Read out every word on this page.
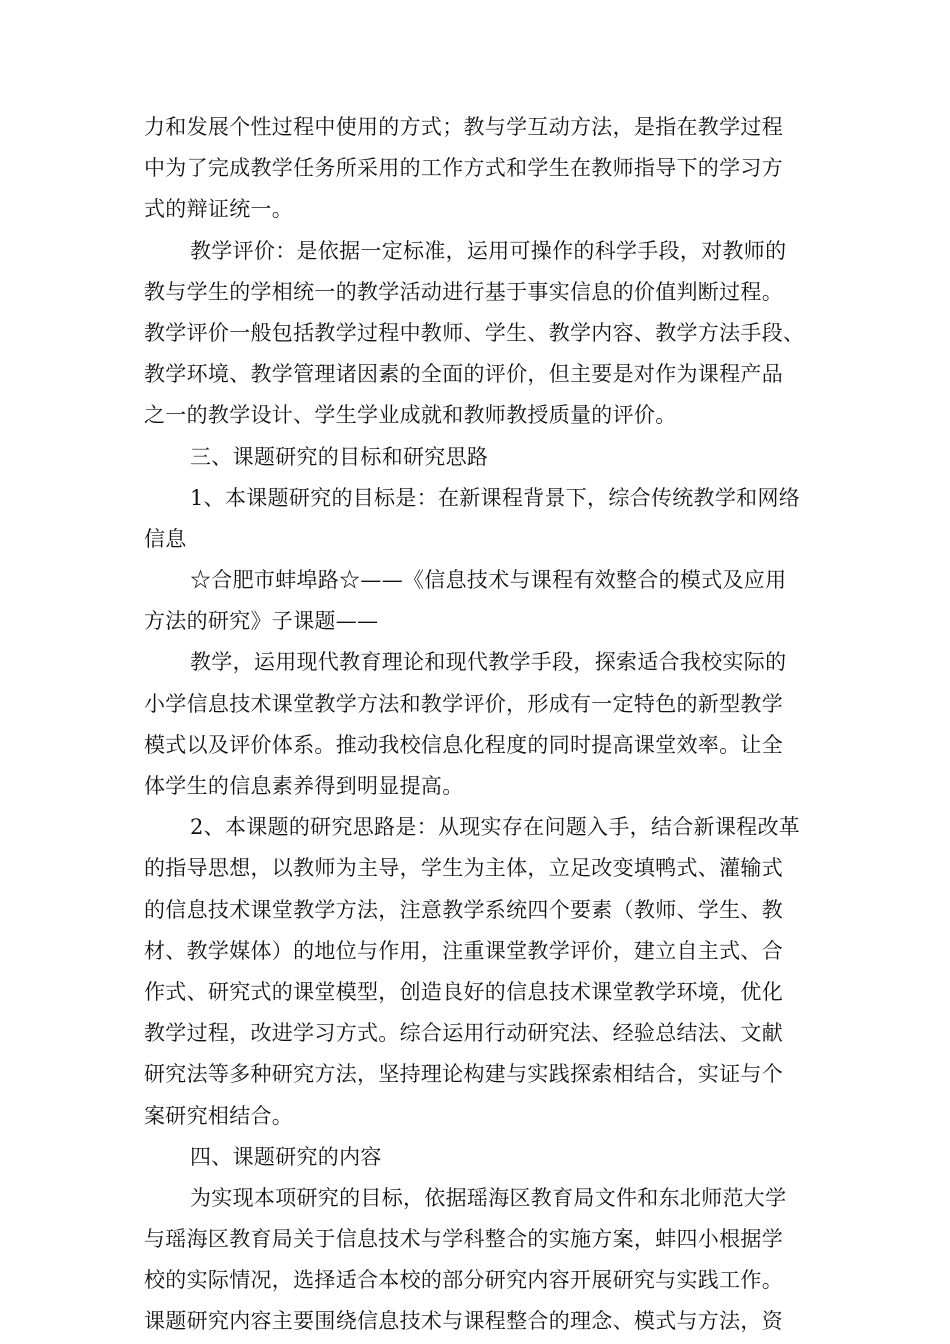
力和发展个性过程中使用的方式；教与学互动方法，是指在教学过程
中为了完成教学任务所采用的工作方式和学生在教师指导下的学习方
式的辩证统一。
教学评价：是依据一定标准，运用可操作的科学手段，对教师的
教与学生的学相统一的教学活动进行基于事实信息的价值判断过程。
教学评价一般包括教学过程中教师、学生、教学内容、教学方法手段、
教学环境、教学管理诸因素的全面的评价，但主要是对作为课程产品
之一的教学设计、学生学业成就和教师教授质量的评价。
三、课题研究的目标和研究思路
1、本课题研究的目标是：在新课程背景下，综合传统教学和网络
信息
☆合肥市蚌埠路☆——《信息技术与课程有效整合的模式及应用
方法的研究》子课题——
教学，运用现代教育理论和现代教学手段，探索适合我校实际的
小学信息技术课堂教学方法和教学评价，形成有一定特色的新型教学
模式以及评价体系。推动我校信息化程度的同时提高课堂效率。让全
体学生的信息素养得到明显提高。
2、本课题的研究思路是：从现实存在问题入手，结合新课程改革
的指导思想，以教师为主导，学生为主体，立足改变填鸭式、灌输式
的信息技术课堂教学方法，注意教学系统四个要素（教师、学生、教
材、教学媒体）的地位与作用，注重课堂教学评价，建立自主式、合
作式、研究式的课堂模型，创造良好的信息技术课堂教学环境，优化
教学过程，改进学习方式。综合运用行动研究法、经验总结法、文献
研究法等多种研究方法，坚持理论构建与实践探索相结合，实证与个
案研究相结合。
四、课题研究的内容
为实现本项研究的目标，依据瑶海区教育局文件和东北师范大学
与瑶海区教育局关于信息技术与学科整合的实施方案，蚌四小根据学
校的实际情况，选择适合本校的部分研究内容开展研究与实践工作。
课题研究内容主要围绕信息技术与课程整合的理念、模式与方法，资
